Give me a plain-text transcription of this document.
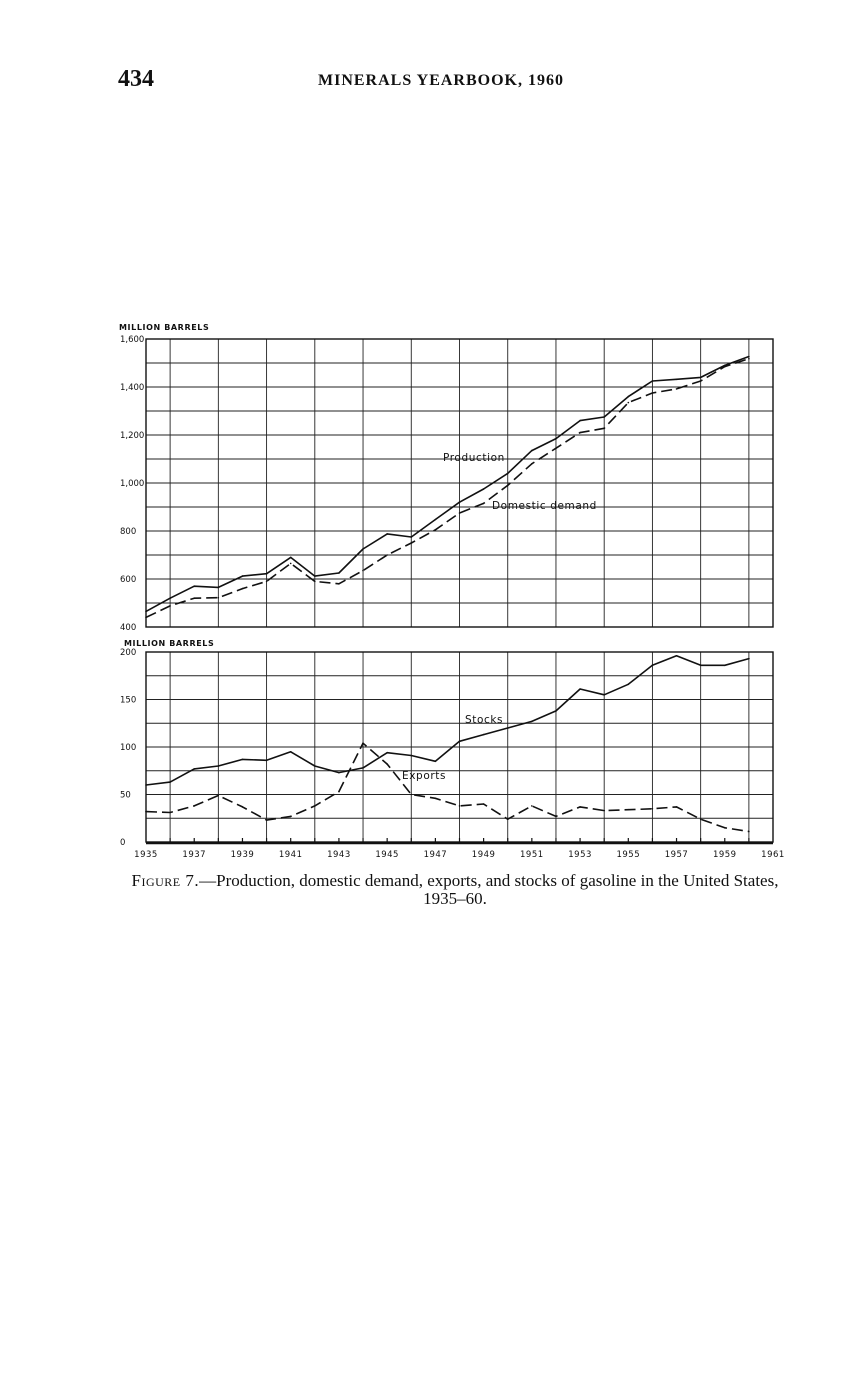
434	MINERALS YEARBOOK, 1960
MILLION BARRELS
400
600
800
1,000
1,200
1,400
1,600
Production
Domestic demand
MILLION BARRELS
0
50
100
150
200
Stocks
Exports
1935	1937	1939	1941	1943	1945	1947	1949	1951	1953	1955	1957	1959	1961
Figure 7.—Production, domestic demand, exports, and stocks of gasoline in the United States, 1935–60.
